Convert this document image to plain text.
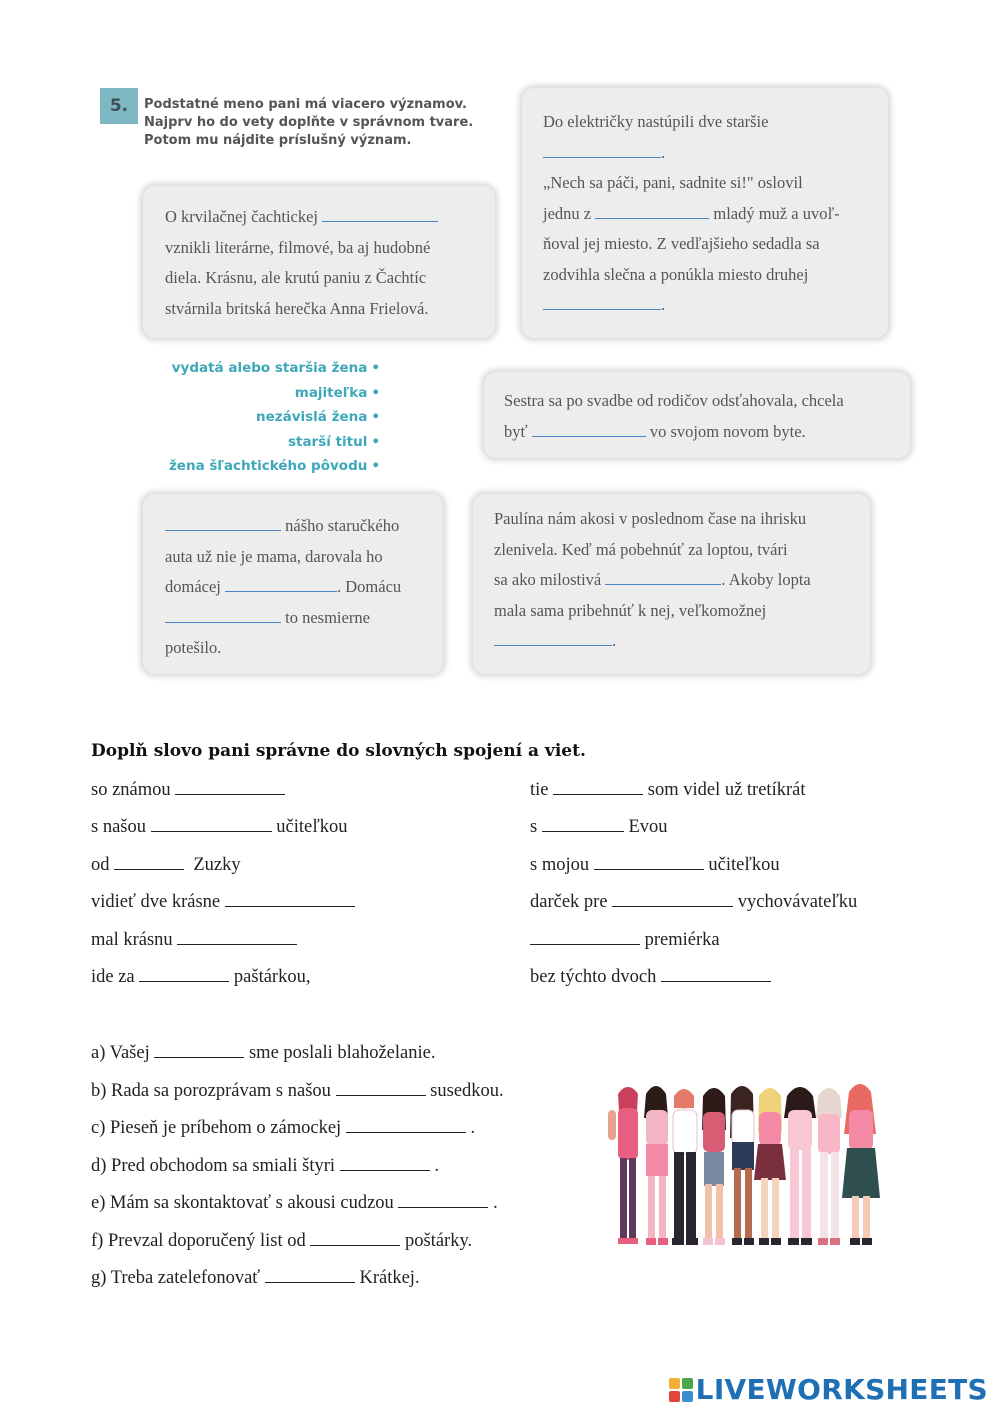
5.	Podstatné meno pani má viacero významov.
Najprv ho do vety doplňte v správnom tvare.
Potom mu nájdite príslušný význam.
O krvilačnej čachtickej
vznikli literárne, filmové, ba aj hudobné
diela. Krásnu, ale krutú paniu z Čachtíc
stvárnila britská herečka Anna Frielová.
Do električky nastúpili dve staršie
.
„Nech sa páči, pani, sadnite si!" oslovil
jednu z	mladý muž a uvoľ-
ňoval jej miesto. Z vedľajšieho sedadla sa
zodvihla slečna a ponúkla miesto druhej
.
vydatá alebo staršia žena •
majiteľka •
nezávislá žena •
starší titul •
žena šľachtického pôvodu •
Sestra sa po svadbe od rodičov odsťahovala, chcela
byť	vo svojom novom byte.
nášho staručkého
auta už nie je mama, darovala ho
domácej	. Domácu
to nesmierne
potešilo.
Paulína nám akosi v poslednom čase na ihrisku
zlenivela. Keď má pobehnúť za loptou, tvári
sa ako milostivá	. Akoby lopta
mala sama pribehnúť k nej, veľkomožnej
.
Doplň slovo pani správne do slovných spojení a viet.
so známou
s našou	učiteľkou
od	Zuzky
vidieť dve krásne
mal krásnu
ide za	paštárkou,
tie	som videl už tretíkrát
s	Evou
s mojou	učiteľkou
darček pre	vychovávateľku
premiérka
bez týchto dvoch
a) Vašej	sme poslali blahoželanie.
b) Rada sa porozprávam s našou	susedkou.
c) Pieseň je príbehom o zámockej	.
d) Pred obchodom sa smiali štyri	.
e) Mám sa skontaktovať s akousi cudzou	.
f) Prevzal doporučený list od	poštárky.
g) Treba zatelefonovať	Krátkej.
LIVEWORKSHEETS
